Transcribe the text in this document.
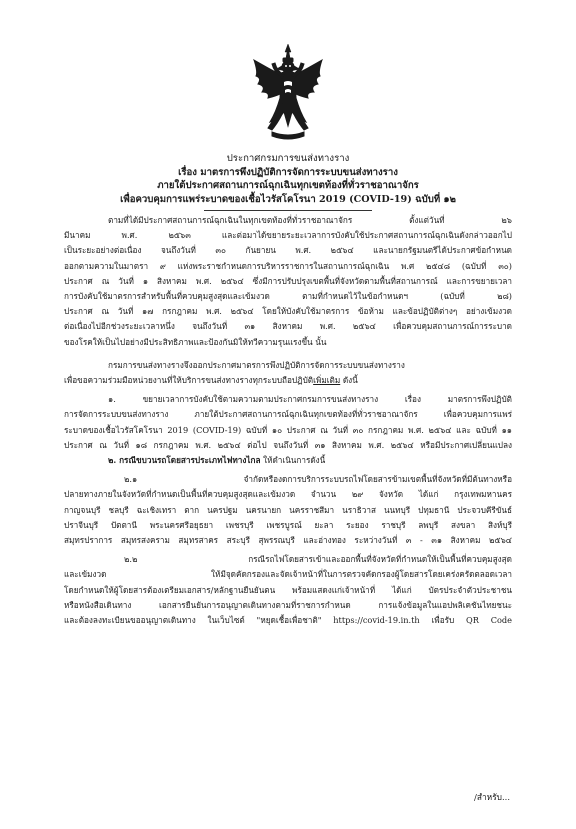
ประกาศกรมการขนส่งทางราง
เรื่อง มาตรการพึงปฏิบัติการจัดการระบบขนส่งทางราง
ภายใต้ประกาศสถานการณ์ฉุกเฉินทุกเขตท้องที่ทั่วราชอาณาจักร
เพื่อควบคุมการแพร่ระบาดของเชื้อไวรัสโคโรนา 2019 (COVID-19) ฉบับที่ ๑๒
ตามที่ได้มีประกาศสถานการณ์ฉุกเฉินในทุกเขตท้องที่ทั่วราชอาณาจักร ตั้งแต่วันที่ ๒๖
มีนาคม พ.ศ. ๒๕๖๓ และต่อมาได้ขยายระยะเวลาการบังคับใช้ประกาศสถานการณ์ฉุกเฉินดังกล่าวออกไป
เป็นระยะอย่างต่อเนื่อง จนถึงวันที่ ๓๐ กันยายน พ.ศ. ๒๕๖๔ และนายกรัฐมนตรีได้ประกาศข้อกำหนด
ออกตามความในมาตรา ๙ แห่งพระราชกำหนดการบริหารราชการในสถานการณ์ฉุกเฉิน พ.ศ ๒๕๔๘ (ฉบับที่ ๓๐)
ประกาศ ณ วันที่ ๑ สิงหาคม พ.ศ. ๒๕๖๔ ซึ่งมีการปรับปรุงเขตพื้นที่จังหวัดตามพื้นที่สถานการณ์ และการขยายเวลา
การบังคับใช้มาตรการสำหรับพื้นที่ควบคุมสูงสุดและเข้มงวด ตามที่กำหนดไว้ในข้อกำหนดฯ (ฉบับที่ ๒๘)
ประกาศ ณ วันที่ ๑๗ กรกฎาคม พ.ศ. ๒๕๖๔ โดยให้บังคับใช้มาตรการ ข้อห้าม และข้อปฏิบัติต่างๆ อย่างเข้มงวด
ต่อเนื่องไปอีกช่วงระยะเวลาหนึ่ง จนถึงวันที่ ๓๑ สิงหาคม พ.ศ. ๒๕๖๔ เพื่อควบคุมสถานการณ์การระบาด
ของโรคให้เป็นไปอย่างมีประสิทธิภาพและป้องกันมิให้ทวีความรุนแรงขึ้น นั้น
กรมการขนส่งทางรางจึงออกประกาศมาตรการพึงปฏิบัติการจัดการระบบขนส่งทางราง
เพื่อขอความร่วมมือหน่วยงานที่ให้บริการขนส่งทางรางทุกระบบถือปฏิบัติเพิ่มเติม ดังนี้
๑. ขยายเวลาการบังคับใช้ตามความตามประกาศกรมการขนส่งทางราง เรื่อง มาตรการพึงปฏิบัติ
การจัดการระบบขนส่งทางราง ภายใต้ประกาศสถานการณ์ฉุกเฉินทุกเขตท้องที่ทั่วราชอาณาจักร เพื่อควบคุมการแพร่
ระบาดของเชื้อไวรัสโคโรนา 2019 (COVID-19) ฉบับที่ ๑๐ ประกาศ ณ วันที่ ๓๐ กรกฎาคม พ.ศ. ๒๕๖๔ และ ฉบับที่ ๑๑
ประกาศ ณ วันที่ ๑๘ กรกฎาคม พ.ศ. ๒๕๖๔ ต่อไป จนถึงวันที่ ๓๑ สิงหาคม พ.ศ. ๒๕๖๔ หรือมีประกาศเปลี่ยนแปลง
๒. กรณีขบวนรถโดยสารประเภทไฟทางไกล ให้ดำเนินการดังนี้
๒.๑ จำกัดหรืองดการบริการระบบรถไฟโดยสารข้ามเขตพื้นที่จังหวัดที่มีต้นทางหรือ
ปลายทางภายในจังหวัดที่กำหนดเป็นพื้นที่ควบคุมสูงสุดและเข้มงวด จำนวน ๒๙ จังหวัด ได้แก่ กรุงเทพมหานคร
กาญจนบุรี ชลบุรี ฉะเชิงเทรา ตาก นครปฐม นครนายก นครราชสีมา นราธิวาส นนทบุรี ปทุมธานี ประจวบคีรีขันธ์
ปราจีนบุรี ปัตตานี พระนครศรีอยุธยา เพชรบุรี เพชรบูรณ์ ยะลา ระยอง ราชบุรี ลพบุรี สงขลา สิงห์บุรี
สมุทรปราการ สมุทรสงคราม สมุทรสาคร สระบุรี สุพรรณบุรี และอ่างทอง ระหว่างวันที่ ๓ - ๓๑ สิงหาคม ๒๕๖๔
๒.๒ กรณีรถไฟโดยสารเข้าและออกพื้นที่จังหวัดที่กำหนดให้เป็นพื้นที่ควบคุมสูงสุด
และเข้มงวด ให้มีจุดคัดกรองและจัดเจ้าหน้าที่ในการตรวจคัดกรองผู้โดยสารโดยเคร่งครัดตลอดเวลา
โดยกำหนดให้ผู้โดยสารต้องเตรียมเอกสาร/หลักฐานยืนยันตน พร้อมแสดงแก่เจ้าหน้าที่ ได้แก่ บัตรประจำตัวประชาชน
หรือหนังสือเดินทาง เอกสารยืนยันการอนุญาตเดินทางตามที่ราชการกำหนด การแจ้งข้อมูลในแอปพลิเคชันไทยชนะ
และต้องลงทะเบียนขออนุญาตเดินทาง ในเว็บไซต์ "หยุดเชื้อเพื่อชาติ" https://covid-19.in.th เพื่อรับ QR Code
/สำหรับ...
